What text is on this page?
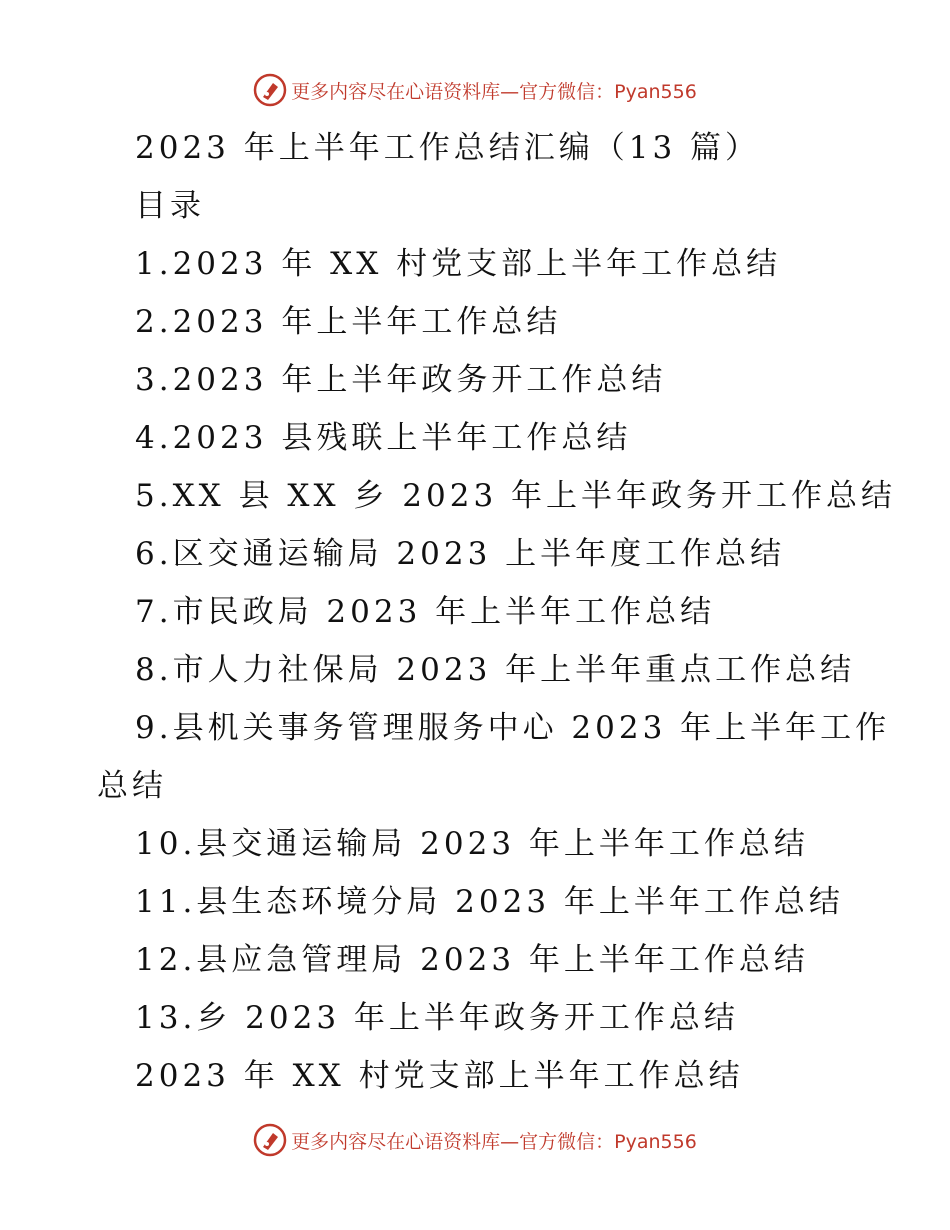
更多内容尽在心语资料库—官方微信：Pyan556
2023 年上半年工作总结汇编（13 篇）
目录
1.2023 年 XX 村党支部上半年工作总结
2.2023 年上半年工作总结
3.2023 年上半年政务开工作总结
4.2023 县残联上半年工作总结
5.XX 县 XX 乡 2023 年上半年政务开工作总结
6.区交通运输局 2023 上半年度工作总结
7.市民政局 2023 年上半年工作总结
8.市人力社保局 2023 年上半年重点工作总结
9.县机关事务管理服务中心 2023 年上半年工作
总结
10.县交通运输局 2023 年上半年工作总结
11.县生态环境分局 2023 年上半年工作总结
12.县应急管理局 2023 年上半年工作总结
13.乡 2023 年上半年政务开工作总结
2023 年 XX 村党支部上半年工作总结
更多内容尽在心语资料库—官方微信：Pyan556
